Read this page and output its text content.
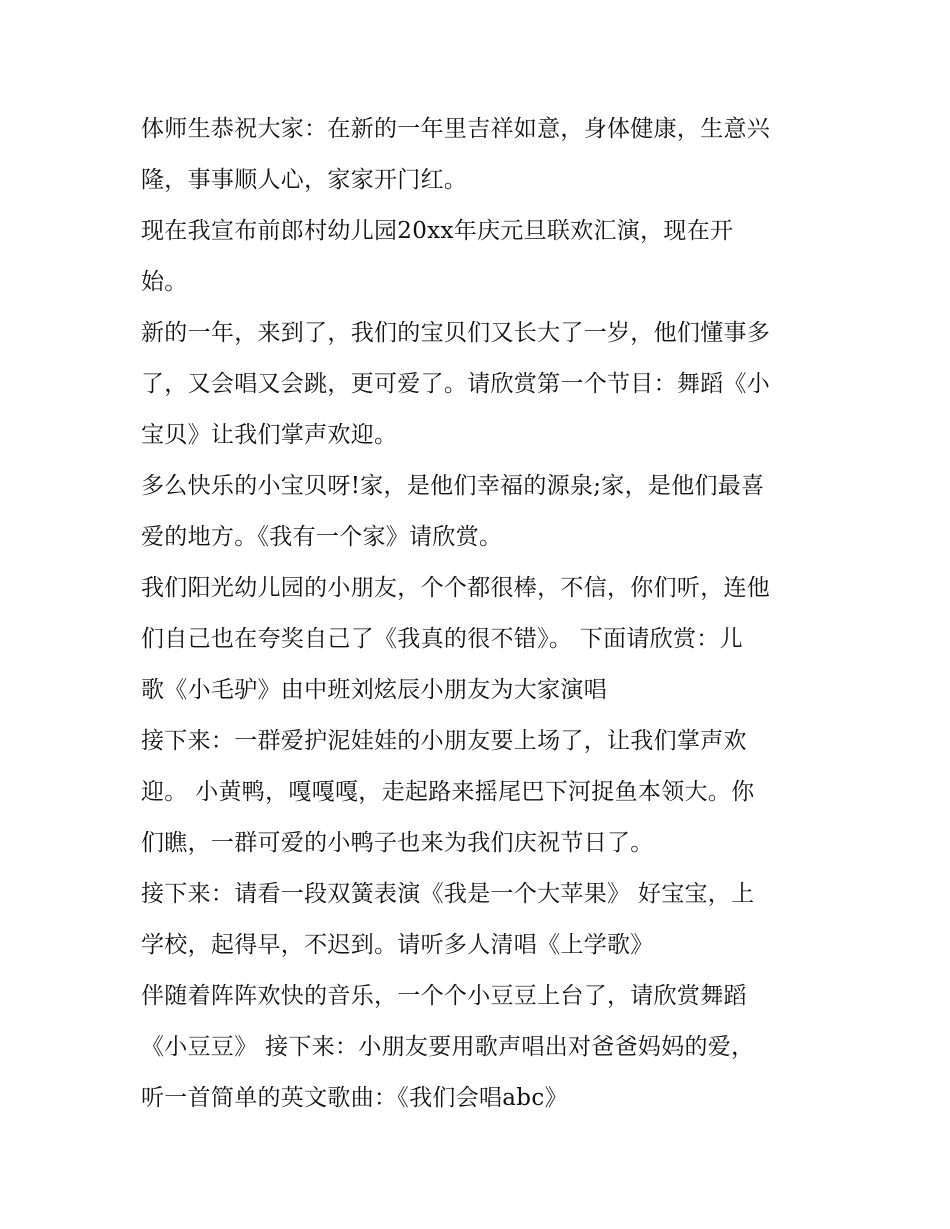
体师生恭祝大家：在新的一年里吉祥如意，身体健康，生意兴
隆，事事顺人心，家家开门红。

现在我宣布前郎村幼儿园20xx年庆元旦联欢汇演，现在开
始。

新的一年，来到了，我们的宝贝们又长大了一岁，他们懂事多
了，又会唱又会跳，更可爱了。请欣赏第一个节目：舞蹈《小
宝贝》让我们掌声欢迎。

多么快乐的小宝贝呀!家，是他们幸福的源泉;家，是他们最喜
爱的地方。《我有一个家》请欣赏。

我们阳光幼儿园的小朋友，个个都很棒，不信，你们听，连他
们自己也在夸奖自己了《我真的很不错》。 下面请欣赏：儿
歌《小毛驴》由中班刘炫辰小朋友为大家演唱

接下来：一群爱护泥娃娃的小朋友要上场了，让我们掌声欢
迎。 小黄鸭，嘎嘎嘎，走起路来摇尾巴下河捉鱼本领大。你
们瞧，一群可爱的小鸭子也来为我们庆祝节日了。

接下来：请看一段双簧表演《我是一个大苹果》 好宝宝，上
学校，起得早，不迟到。请听多人清唱《上学歌》

伴随着阵阵欢快的音乐，一个个小豆豆上台了，请欣赏舞蹈
《小豆豆》 接下来：小朋友要用歌声唱出对爸爸妈妈的爱，
听一首简单的英文歌曲：《我们会唱abc》
